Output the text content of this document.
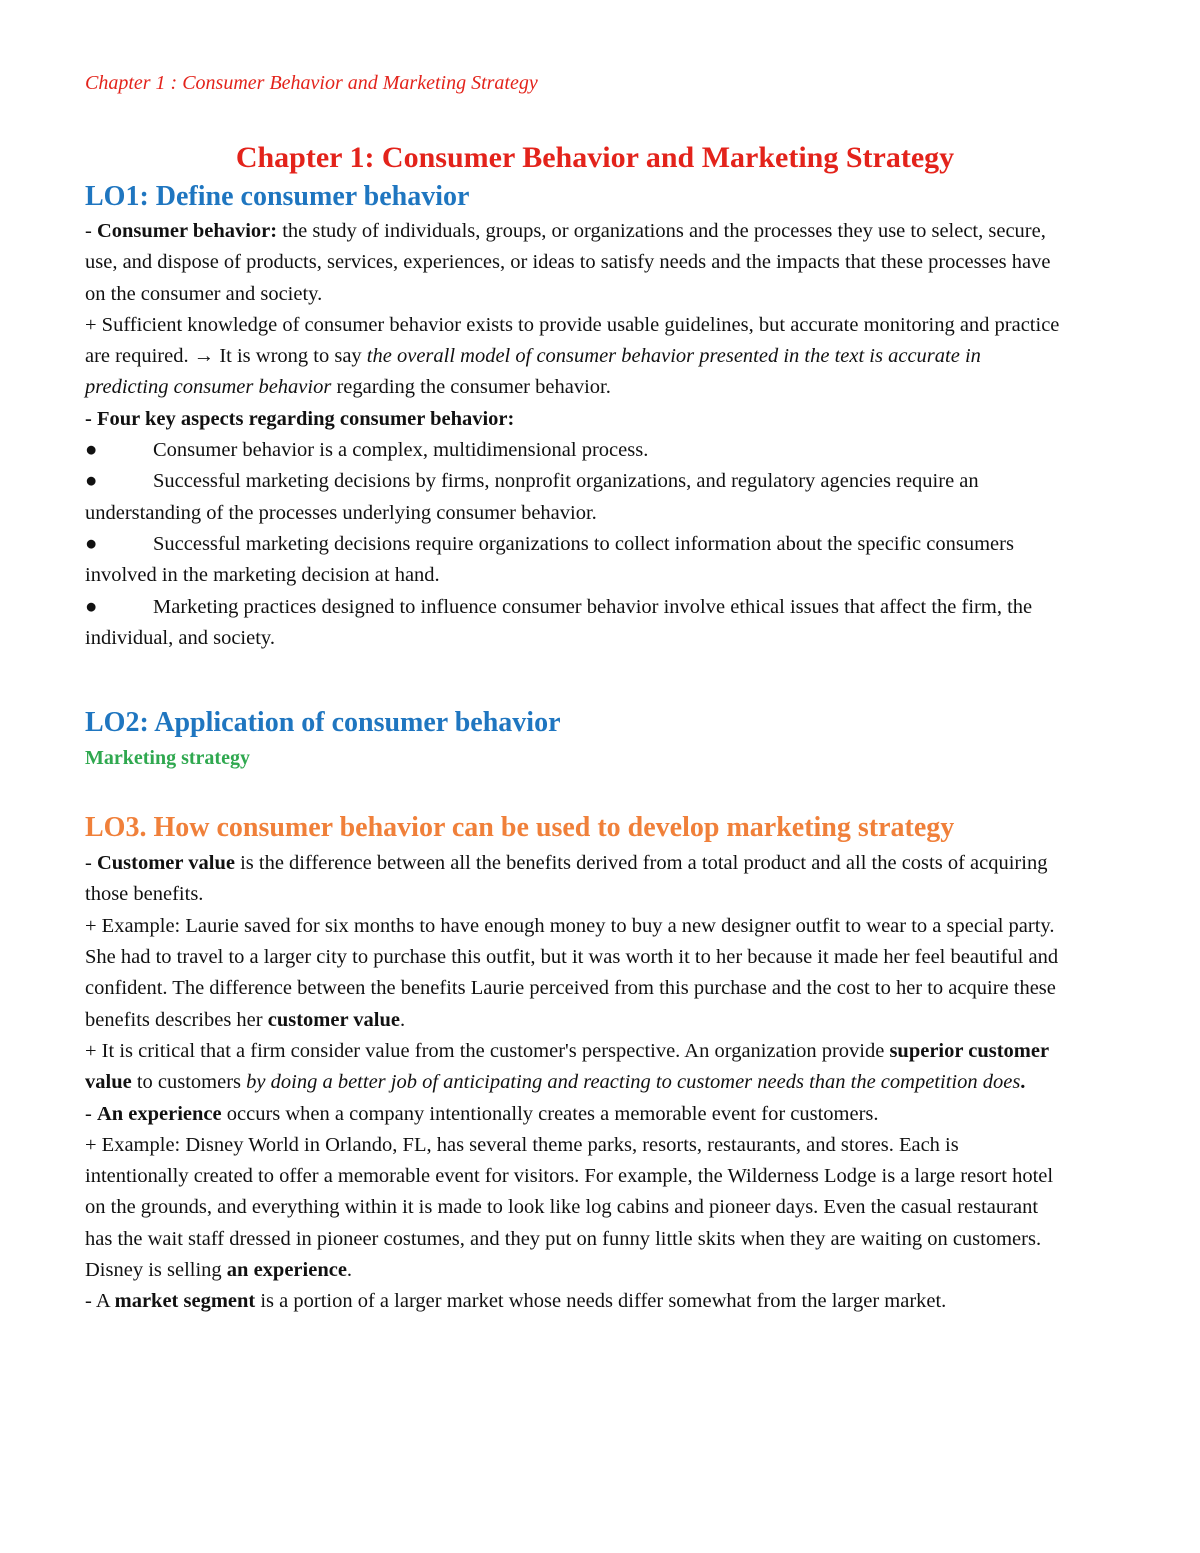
Chapter 1 : Consumer Behavior and Marketing Strategy
Chapter 1: Consumer Behavior and Marketing Strategy
LO1: Define consumer behavior

- Consumer behavior: the study of individuals, groups, or organizations and the processes they use to select, secure, use, and dispose of products, services, experiences, or ideas to satisfy needs and the impacts that these processes have on the consumer and society.

+ Sufficient knowledge of consumer behavior exists to provide usable guidelines, but accurate monitoring and practice are required. → It is wrong to say the overall model of consumer behavior presented in the text is accurate in predicting consumer behavior regarding the consumer behavior.

- Four key aspects regarding consumer behavior:

●	Consumer behavior is a complex, multidimensional process.

●	Successful marketing decisions by firms, nonprofit organizations, and regulatory agencies require an understanding of the processes underlying consumer behavior.

●	Successful marketing decisions require organizations to collect information about the specific consumers involved in the marketing decision at hand.

●	Marketing practices designed to influence consumer behavior involve ethical issues that affect the firm, the individual, and society.

LO2: Application of consumer behavior
Marketing strategy
LO3. How consumer behavior can be used to develop marketing strategy

- Customer value is the difference between all the benefits derived from a total product and all the costs of acquiring those benefits.

+ Example: Laurie saved for six months to have enough money to buy a new designer outfit to wear to a special party. She had to travel to a larger city to purchase this outfit, but it was worth it to her because it made her feel beautiful and confident. The difference between the benefits Laurie perceived from this purchase and the cost to her to acquire these benefits describes her customer value.

+ It is critical that a firm consider value from the customer's perspective. An organization provide superior customer value to customers by doing a better job of anticipating and reacting to customer needs than the competition does.

- An experience occurs when a company intentionally creates a memorable event for customers.

+ Example: Disney World in Orlando, FL, has several theme parks, resorts, restaurants, and stores. Each is intentionally created to offer a memorable event for visitors. For example, the Wilderness Lodge is a large resort hotel on the grounds, and everything within it is made to look like log cabins and pioneer days. Even the casual restaurant has the wait staff dressed in pioneer costumes, and they put on funny little skits when they are waiting on customers. Disney is selling an experience.

- A market segment is a portion of a larger market whose needs differ somewhat from the larger market.
